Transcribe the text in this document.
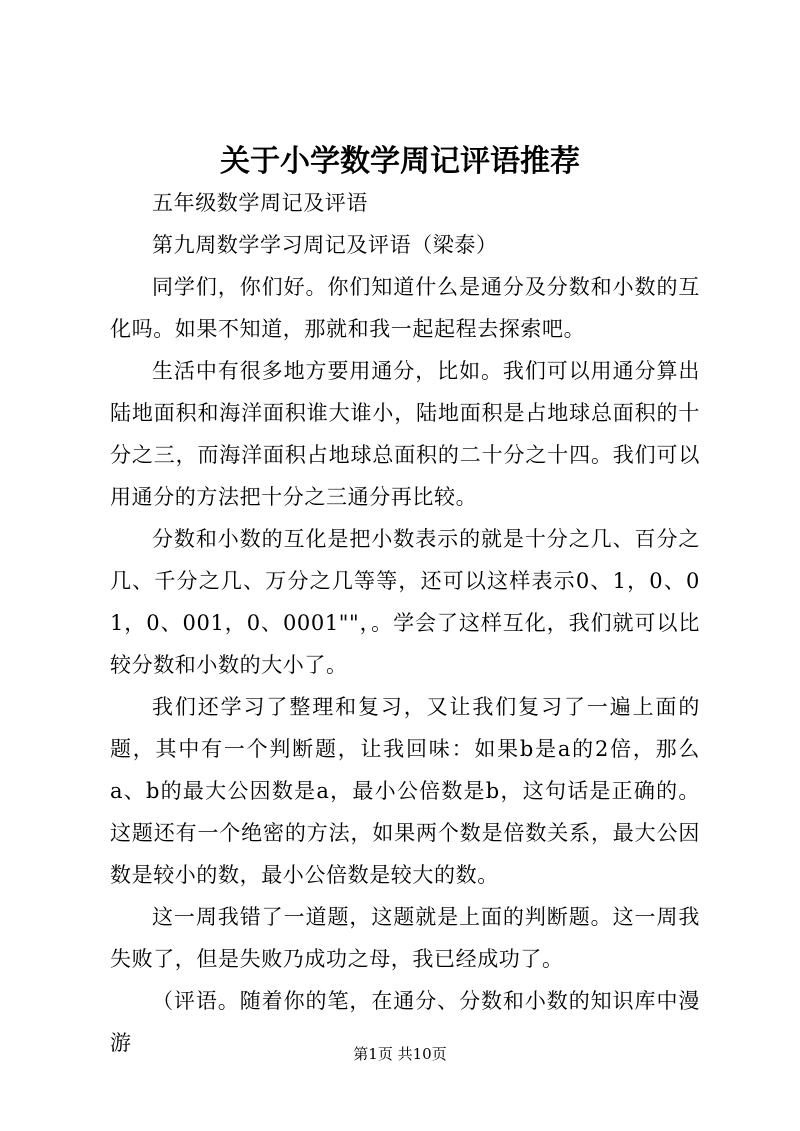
关于小学数学周记评语推荐

五年级数学周记及评语

第九周数学学习周记及评语（梁泰）

同学们，你们好。你们知道什么是通分及分数和小数的互化吗。如果不知道，那就和我一起起程去探索吧。

生活中有很多地方要用通分，比如。我们可以用通分算出陆地面积和海洋面积谁大谁小，陆地面积是占地球总面积的十分之三，而海洋面积占地球总面积的二十分之十四。我们可以用通分的方法把十分之三通分再比较。

分数和小数的互化是把小数表示的就是十分之几、百分之几、千分之几、万分之几等等，还可以这样表示0、1，0、01，0、001，0、0001""，。学会了这样互化，我们就可以比较分数和小数的大小了。

我们还学习了整理和复习，又让我们复习了一遍上面的题，其中有一个判断题，让我回味：如果b是a的2倍，那么a、b的最大公因数是a，最小公倍数是b，这句话是正确的。这题还有一个绝密的方法，如果两个数是倍数关系，最大公因数是较小的数，最小公倍数是较大的数。

这一周我错了一道题，这题就是上面的判断题。这一周我失败了，但是失败乃成功之母，我已经成功了。

（评语。随着你的笔，在通分、分数和小数的知识库中漫游	第1页 共10页
